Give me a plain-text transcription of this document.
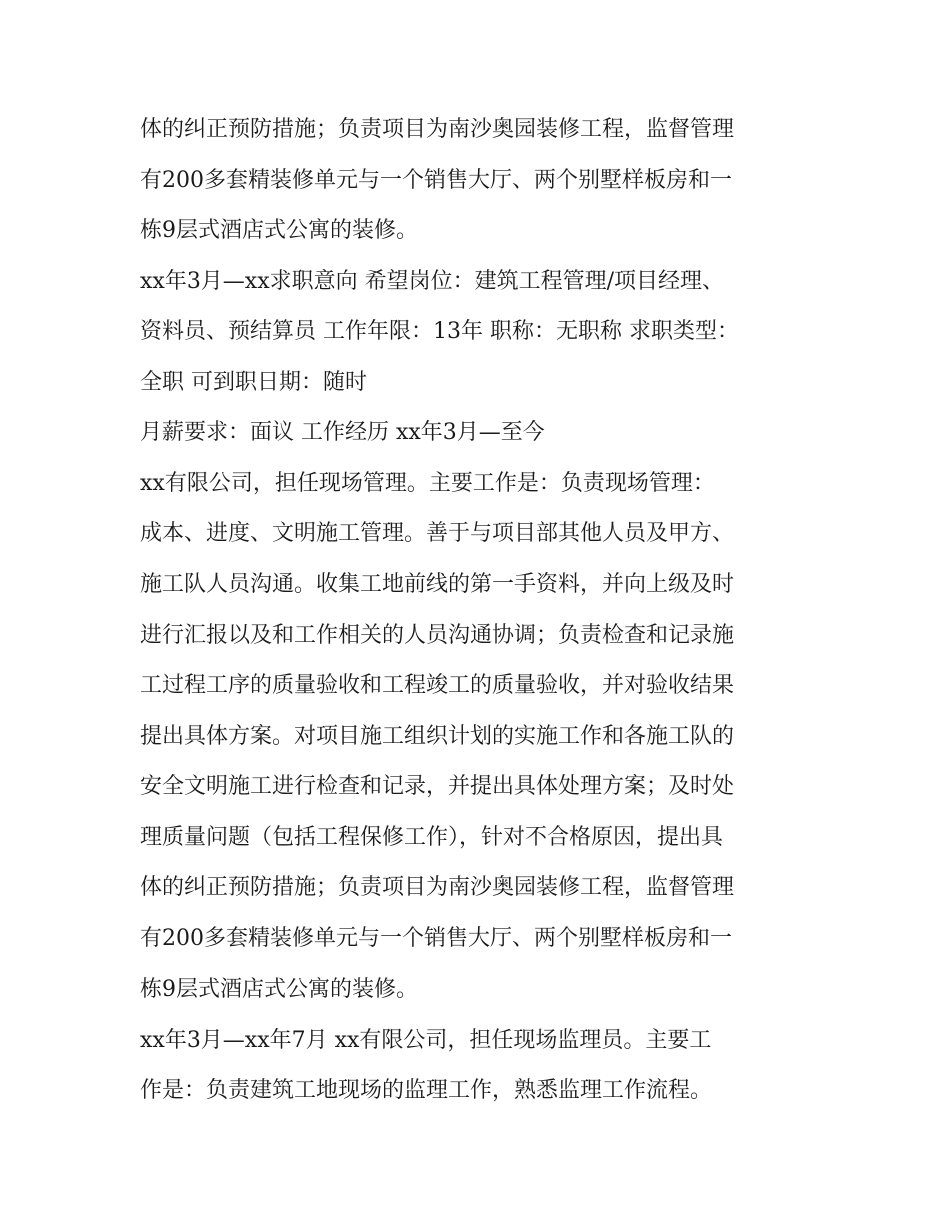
体的纠正预防措施；负责项目为南沙奥园装修工程，监督管理
有200多套精装修单元与一个销售大厅、两个别墅样板房和一
栋9层式酒店式公寓的装修。
xx年3月—xx求职意向 希望岗位：建筑工程管理/项目经理、
资料员、预结算员 工作年限：13年 职称：无职称 求职类型：
全职 可到职日期：随时
月薪要求：面议 工作经历 xx年3月—至今
xx有限公司，担任现场管理。主要工作是：负责现场管理：
成本、进度、文明施工管理。善于与项目部其他人员及甲方、
施工队人员沟通。收集工地前线的第一手资料，并向上级及时
进行汇报以及和工作相关的人员沟通协调；负责检查和记录施
工过程工序的质量验收和工程竣工的质量验收，并对验收结果
提出具体方案。对项目施工组织计划的实施工作和各施工队的
安全文明施工进行检查和记录，并提出具体处理方案；及时处
理质量问题（包括工程保修工作），针对不合格原因，提出具
体的纠正预防措施；负责项目为南沙奥园装修工程，监督管理
有200多套精装修单元与一个销售大厅、两个别墅样板房和一
栋9层式酒店式公寓的装修。
xx年3月—xx年7月 xx有限公司，担任现场监理员。主要工
作是：负责建筑工地现场的监理工作，熟悉监理工作流程。
